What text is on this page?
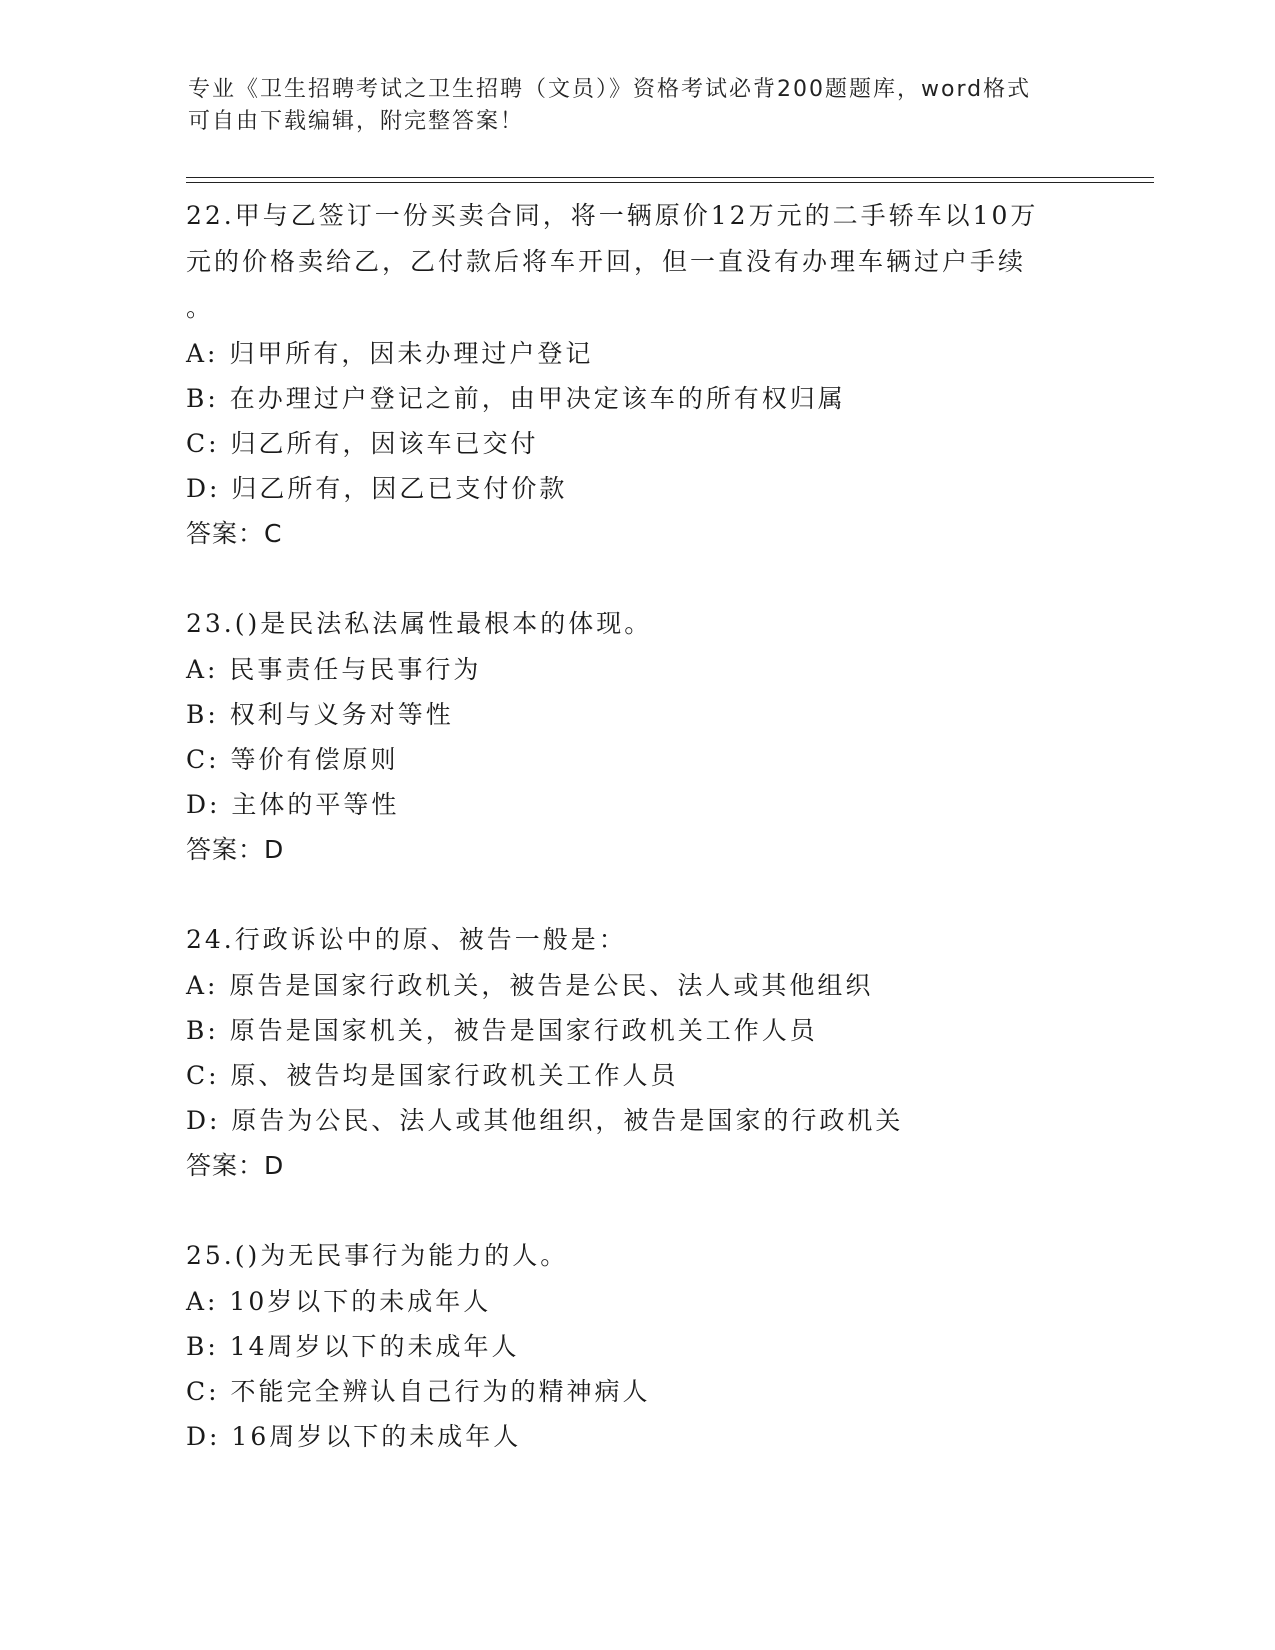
专业《卫生招聘考试之卫生招聘（文员）》资格考试必背200题题库，word格式
可自由下载编辑，附完整答案！
22.甲与乙签订一份买卖合同，将一辆原价12万元的二手轿车以10万
元的价格卖给乙，乙付款后将车开回，但一直没有办理车辆过户手续
。
A: 归甲所有，因未办理过户登记
B: 在办理过户登记之前，由甲决定该车的所有权归属
C: 归乙所有，因该车已交付
D: 归乙所有，因乙已支付价款
答案：C
23.()是民法私法属性最根本的体现。
A: 民事责任与民事行为
B: 权利与义务对等性
C: 等价有偿原则
D: 主体的平等性
答案：D
24.行政诉讼中的原、被告一般是：
A: 原告是国家行政机关，被告是公民、法人或其他组织
B: 原告是国家机关，被告是国家行政机关工作人员
C: 原、被告均是国家行政机关工作人员
D: 原告为公民、法人或其他组织，被告是国家的行政机关
答案：D
25.()为无民事行为能力的人。
A: 10岁以下的未成年人
B: 14周岁以下的未成年人
C: 不能完全辨认自己行为的精神病人
D: 16周岁以下的未成年人
